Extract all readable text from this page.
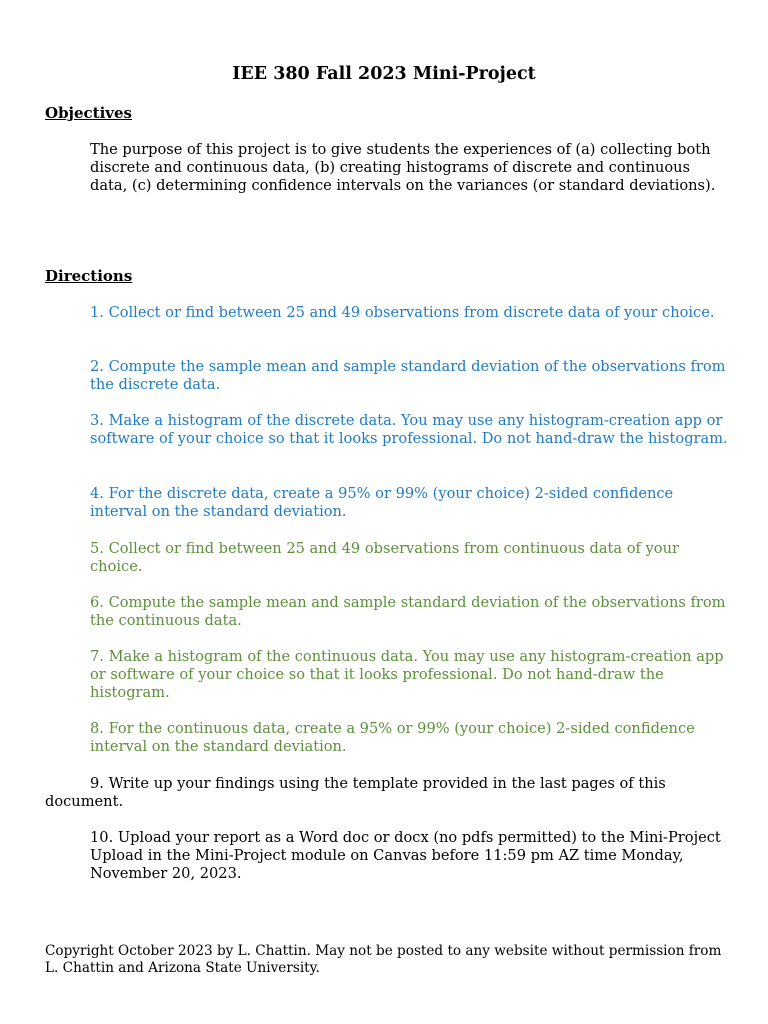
IEE 380 Fall 2023 Mini-Project
Objectives

The purpose of this project is to give students the experiences of (a) collecting both discrete and continuous data, (b) creating histograms of discrete and continuous data, (c) determining confidence intervals on the variances (or standard deviations).

Directions

1. Collect or find between 25 and 49 observations from discrete data of your choice.

2. Compute the sample mean and sample standard deviation of the observations from the discrete data.

3. Make a histogram of the discrete data. You may use any histogram-creation app or software of your choice so that it looks professional. Do not hand-draw the histogram.

4. For the discrete data, create a 95% or 99% (your choice) 2-sided confidence interval on the standard deviation.

5. Collect or find between 25 and 49 observations from continuous data of your choice.

6. Compute the sample mean and sample standard deviation of the observations from the continuous data.

7. Make a histogram of the continuous data. You may use any histogram-creation app or software of your choice so that it looks professional. Do not hand-draw the histogram.

8. For the continuous data, create a 95% or 99% (your choice) 2-sided confidence interval on the standard deviation.

9. Write up your findings using the template provided in the last pages of this document.

10. Upload your report as a Word doc or docx (no pdfs permitted) to the Mini-Project Upload in the Mini-Project module on Canvas before 11:59 pm AZ time Monday, November 20, 2023.

Copyright October 2023 by L. Chattin. May not be posted to any website without permission from L. Chattin and Arizona State University.
